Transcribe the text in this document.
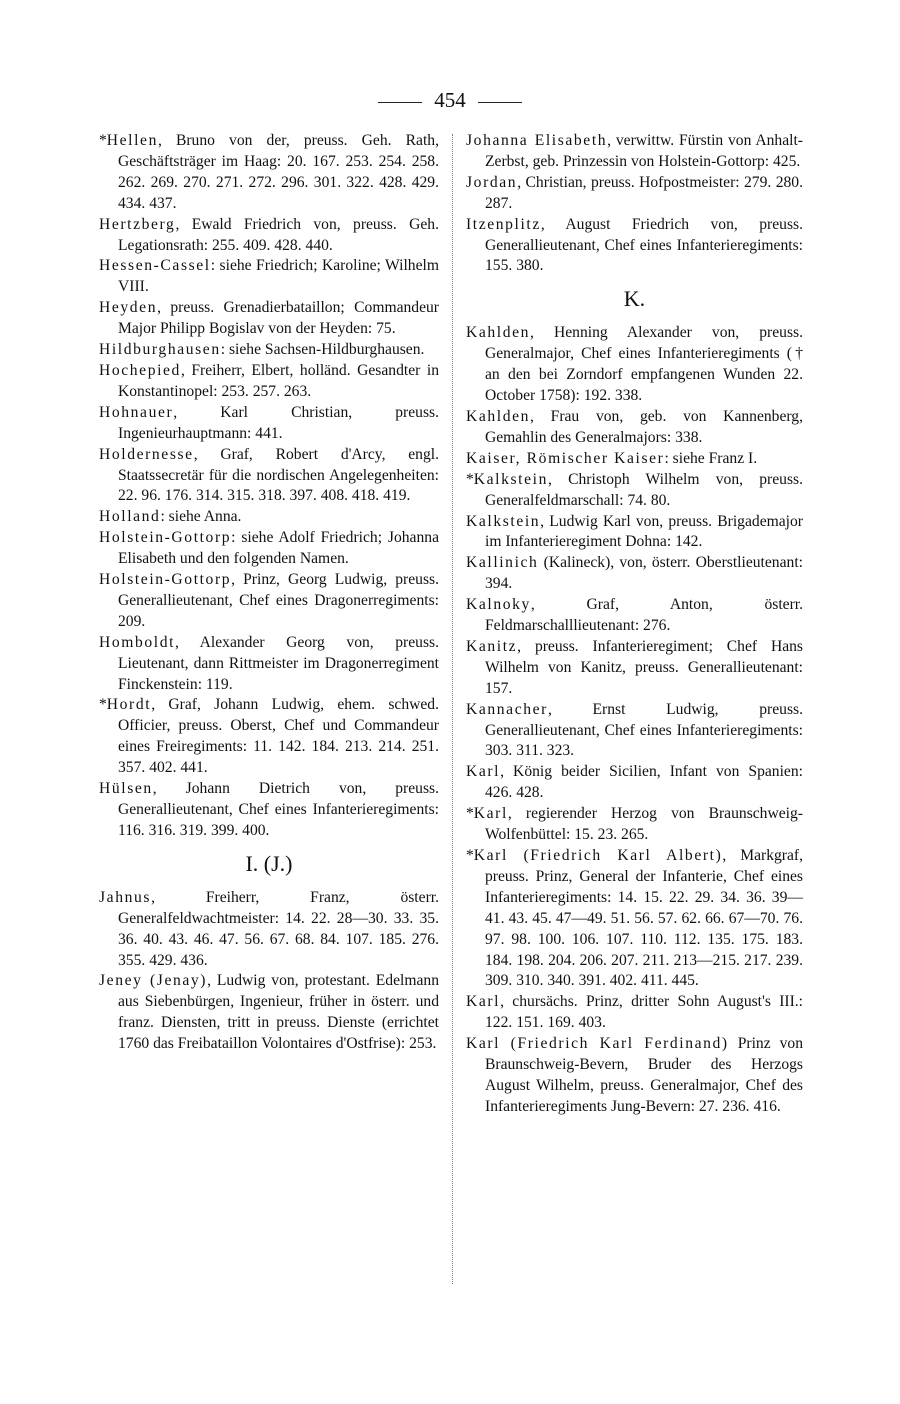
454
*Hellen, Bruno von der, preuss. Geh. Rath, Geschäftsträger im Haag: 20. 167. 253. 254. 258. 262. 269. 270. 271. 272. 296. 301. 322. 428. 429. 434. 437.
Hertzberg, Ewald Friedrich von, preuss. Geh. Legationsrath: 255. 409. 428. 440.
Hessen-Cassel: siehe Friedrich; Karoline; Wilhelm VIII.
Heyden, preuss. Grenadierbataillon; Commandeur Major Philipp Bogislav von der Heyden: 75.
Hildburghausen: siehe Sachsen-Hildburghausen.
Hochepied, Freiherr, Elbert, holländ. Gesandter in Konstantinopel: 253. 257. 263.
Hohnauer, Karl Christian, preuss. Ingenieurhauptmann: 441.
Holdernesse, Graf, Robert d'Arcy, engl. Staatssecretär für die nordischen Angelegenheiten: 22. 96. 176. 314. 315. 318. 397. 408. 418. 419.
Holland: siehe Anna.
Holstein-Gottorp: siehe Adolf Friedrich; Johanna Elisabeth und den folgenden Namen.
Holstein-Gottorp, Prinz, Georg Ludwig, preuss. Generallieutenant, Chef eines Dragonerregiments: 209.
Homboldt, Alexander Georg von, preuss. Lieutenant, dann Rittmeister im Dragonerregiment Finckenstein: 119.
*Hordt, Graf, Johann Ludwig, ehem. schwed. Officier, preuss. Oberst, Chef und Commandeur eines Freiregiments: 11. 142. 184. 213. 214. 251. 357. 402. 441.
Hülsen, Johann Dietrich von, preuss. Generallieutenant, Chef eines Infanterieregiments: 116. 316. 319. 399. 400.
I. (J.)
Jahnus, Freiherr, Franz, österr. Generalfeldwachtmeister: 14. 22. 28—30. 33. 35. 36. 40. 43. 46. 47. 56. 67. 68. 84. 107. 185. 276. 355. 429. 436.
Jeney (Jenay), Ludwig von, protestant. Edelmann aus Siebenbürgen, Ingenieur, früher in österr. und franz. Diensten, tritt in preuss. Dienste (errichtet 1760 das Freibataillon Volontaires d'Ostfrise): 253.
Johanna Elisabeth, verwittw. Fürstin von Anhalt-Zerbst, geb. Prinzessin von Holstein-Gottorp: 425.
Jordan, Christian, preuss. Hofpostmeister: 279. 280. 287.
Itzenplitz, August Friedrich von, preuss. Generallieutenant, Chef eines Infanterieregiments: 155. 380.
K.
Kahlden, Henning Alexander von, preuss. Generalmajor, Chef eines Infanterieregiments († an den bei Zorndorf empfangenen Wunden 22. October 1758): 192. 338.
Kahlden, Frau von, geb. von Kannenberg, Gemahlin des Generalmajors: 338.
Kaiser, Römischer Kaiser: siehe Franz I.
*Kalkstein, Christoph Wilhelm von, preuss. Generalfeldmarschall: 74. 80.
Kalkstein, Ludwig Karl von, preuss. Brigademajor im Infanterieregiment Dohna: 142.
Kallinich (Kalineck), von, österr. Oberstlieutenant: 394.
Kalnoky, Graf, Anton, österr. Feldmarschalllieutenant: 276.
Kanitz, preuss. Infanterieregiment; Chef Hans Wilhelm von Kanitz, preuss. Generallieutenant: 157.
Kannacher, Ernst Ludwig, preuss. Generallieutenant, Chef eines Infanterieregiments: 303. 311. 323.
Karl, König beider Sicilien, Infant von Spanien: 426. 428.
*Karl, regierender Herzog von Braunschweig-Wolfenbüttel: 15. 23. 265.
*Karl (Friedrich Karl Albert), Markgraf, preuss. Prinz, General der Infanterie, Chef eines Infanterieregiments: 14. 15. 22. 29. 34. 36. 39—41. 43. 45. 47—49. 51. 56. 57. 62. 66. 67—70. 76. 97. 98. 100. 106. 107. 110. 112. 135. 175. 183. 184. 198. 204. 206. 207. 211. 213—215. 217. 239. 309. 310. 340. 391. 402. 411. 445.
Karl, chursächs. Prinz, dritter Sohn August's III.: 122. 151. 169. 403.
Karl (Friedrich Karl Ferdinand) Prinz von Braunschweig-Bevern, Bruder des Herzogs August Wilhelm, preuss. Generalmajor, Chef des Infanterieregiments Jung-Bevern: 27. 236. 416.
